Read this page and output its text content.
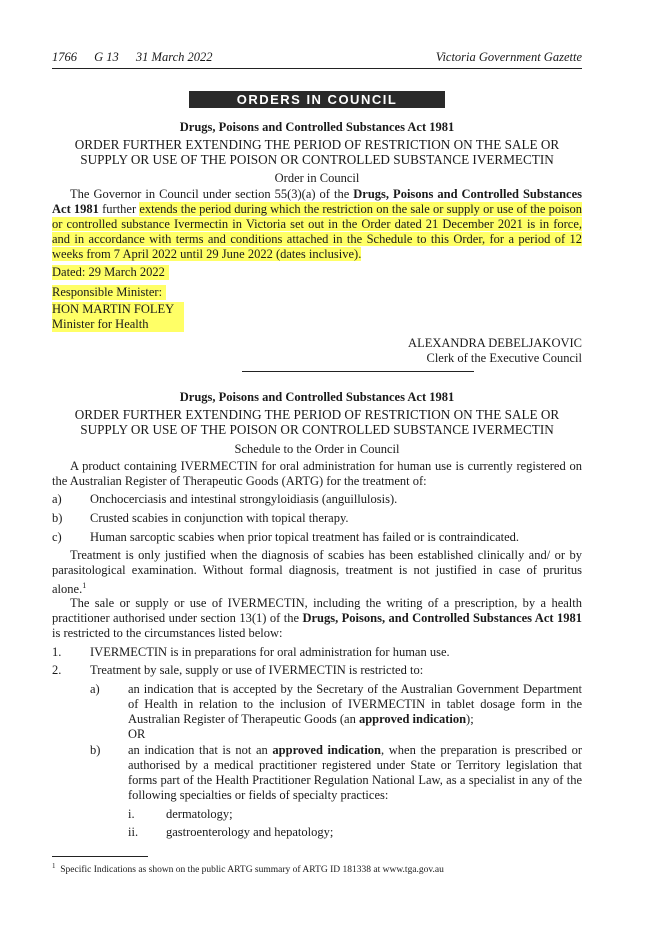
1766 G 13 31 March 2022	Victoria Government Gazette
ORDERS IN COUNCIL
Drugs, Poisons and Controlled Substances Act 1981
ORDER FURTHER EXTENDING THE PERIOD OF RESTRICTION ON THE SALE OR
SUPPLY OR USE OF THE POISON OR CONTROLLED SUBSTANCE IVERMECTIN
Order in Council
The Governor in Council under section 55(3)(a) of the Drugs, Poisons and Controlled Substances Act 1981 further extends the period during which the restriction on the sale or supply or use of the poison or controlled substance Ivermectin in Victoria set out in the Order dated 21 December 2021 is in force, and in accordance with terms and conditions attached in the Schedule to this Order, for a period of 12 weeks from 7 April 2022 until 29 June 2022 (dates inclusive).
Dated: 29 March 2022
Responsible Minister:
HON MARTIN FOLEY
Minister for Health
ALEXANDRA DEBELJAKOVIC
Clerk of the Executive Council
Drugs, Poisons and Controlled Substances Act 1981
ORDER FURTHER EXTENDING THE PERIOD OF RESTRICTION ON THE SALE OR
SUPPLY OR USE OF THE POISON OR CONTROLLED SUBSTANCE IVERMECTIN
Schedule to the Order in Council
A product containing IVERMECTIN for oral administration for human use is currently registered on the Australian Register of Therapeutic Goods (ARTG) for the treatment of:
a) Onchocerciasis and intestinal strongyloidiasis (anguillulosis).
b) Crusted scabies in conjunction with topical therapy.
c) Human sarcoptic scabies when prior topical treatment has failed or is contraindicated.
Treatment is only justified when the diagnosis of scabies has been established clinically and/ or by parasitological examination. Without formal diagnosis, treatment is not justified in case of pruritus alone.$^1$
The sale or supply or use of IVERMECTIN, including the writing of a prescription, by a health practitioner authorised under section 13(1) of the Drugs, Poisons, and Controlled Substances Act 1981 is restricted to the circumstances listed below:
1. IVERMECTIN is in preparations for oral administration for human use.
2. Treatment by sale, supply or use of IVERMECTIN is restricted to:
a) an indication that is accepted by the Secretary of the Australian Government Department of Health in relation to the inclusion of IVERMECTIN in tablet dosage form in the Australian Register of Therapeutic Goods (an approved indication);
OR
b) an indication that is not an approved indication, when the preparation is prescribed or authorised by a medical practitioner registered under State or Territory legislation that forms part of the Health Practitioner Regulation National Law, as a specialist in any of the following specialties or fields of specialty practices:
i.	dermatology;
ii. gastroenterology and hepatology;
$^1$ Specific Indications as shown on the public ARTG summary of ARTG ID 181338 at www.tga.gov.au
